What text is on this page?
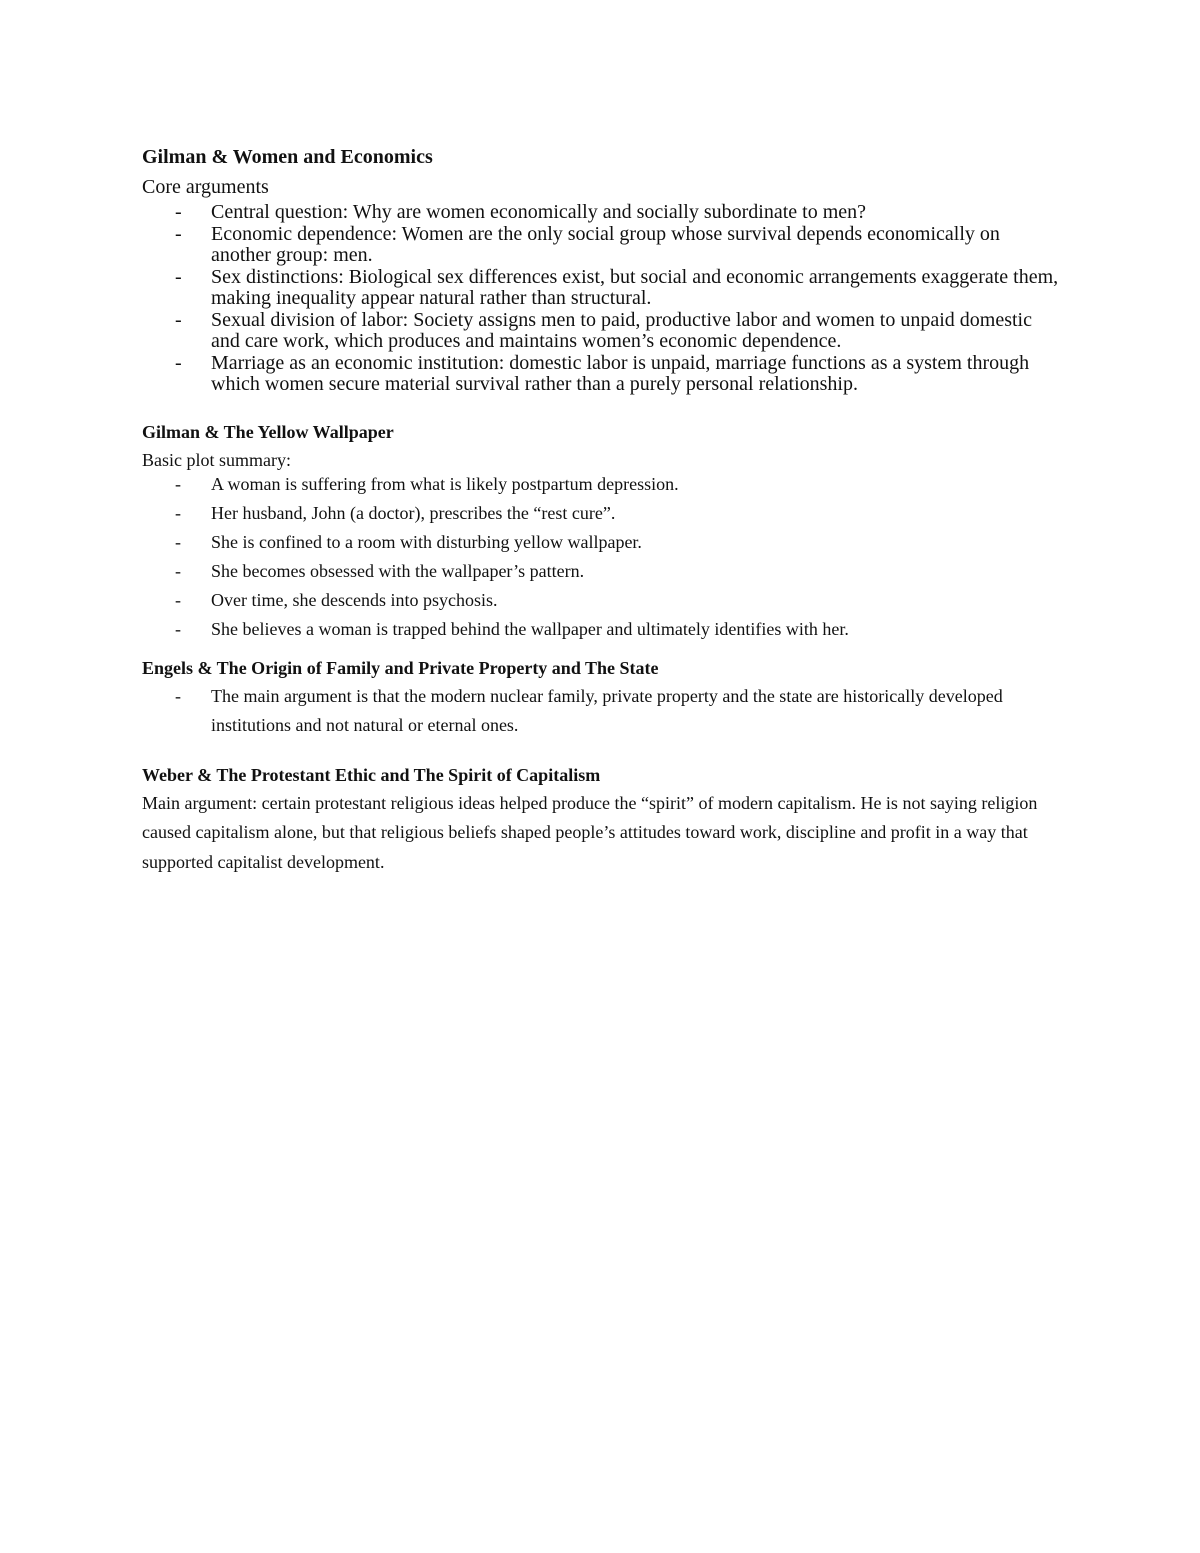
Gilman & Women and Economics

Core arguments

- Central question: Why are women economically and socially subordinate to men?
- Economic dependence: Women are the only social group whose survival depends economically on another group: men.
- Sex distinctions: Biological sex differences exist, but social and economic arrangements exaggerate them, making inequality appear natural rather than structural.
- Sexual division of labor: Society assigns men to paid, productive labor and women to unpaid domestic and care work, which produces and maintains women’s economic dependence.
- Marriage as an economic institution: domestic labor is unpaid, marriage functions as a system through which women secure material survival rather than a purely personal relationship.
Gilman & The Yellow Wallpaper

Basic plot summary:

- A woman is suffering from what is likely postpartum depression.
- Her husband, John (a doctor), prescribes the “rest cure”.
- She is confined to a room with disturbing yellow wallpaper.
- She becomes obsessed with the wallpaper’s pattern.
- Over time, she descends into psychosis.
- She believes a woman is trapped behind the wallpaper and ultimately identifies with her.
Engels & The Origin of Family and Private Property and The State
- The main argument is that the modern nuclear family, private property and the state are historically developed institutions and not natural or eternal ones.
Weber & The Protestant Ethic and The Spirit of Capitalism

Main argument: certain protestant religious ideas helped produce the “spirit” of modern capitalism. He is not saying religion caused capitalism alone, but that religious beliefs shaped people’s attitudes toward work, discipline and profit in a way that supported capitalist development.
